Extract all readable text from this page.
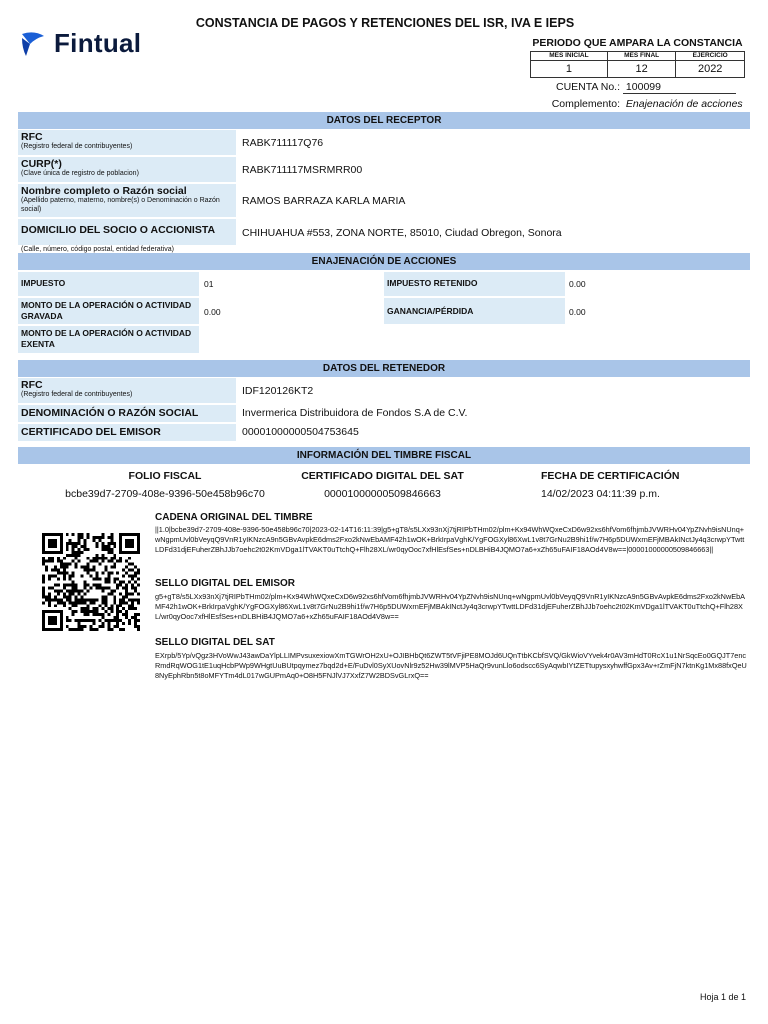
Fintual
CONSTANCIA DE PAGOS Y RETENCIONES DEL ISR, IVA E IEPS
PERIODO QUE AMPARA LA CONSTANCIA
MES INICIAL	MES FINAL	EJERCICIO
1	12	2022
CUENTA No.: 100099
Complemento: Enajenación de acciones
DATOS DEL RECEPTOR
RFC
(Registro federal de contribuyentes)	RABK711117Q76
CURP(*)
(Clave única de registro de poblacion)	RABK711117MSRMRR00
Nombre completo o Razón social
(Apellido paterno, materno, nombre(s) o Denominación o Razón social)
RAMOS BARRAZA KARLA MARIA
DOMICILIO DEL SOCIO O ACCIONISTA (Calle, número, código postal, entidad federativa)
CHIHUAHUA #553, ZONA NORTE, 85010, Ciudad Obregon, Sonora
ENAJENACIÓN DE ACCIONES
IMPUESTO	01	IMPUESTO RETENIDO	0.00
MONTO DE LA OPERACIÓN O ACTIVIDAD GRAVADA	0.00	GANANCIA/PÉRDIDA	0.00
MONTO DE LA OPERACIÓN O ACTIVIDAD EXENTA
DATOS DEL RETENEDOR
RFC
(Registro federal de contribuyentes)	IDF120126KT2
DENOMINACIÓN O RAZÓN SOCIAL	Invermerica Distribuidora de Fondos S.A de C.V.
CERTIFICADO DEL EMISOR	00001000000504753645
INFORMACIÓN DEL TIMBRE FISCAL
FOLIO FISCAL
bcbe39d7-2709-408e-9396-50e458b96c70
CERTIFICADO DIGITAL DEL SAT
00001000000509846663
FECHA DE CERTIFICACIÓN
14/02/2023 04:11:39 p.m.
CADENA ORIGINAL DEL TIMBRE
||1.0|bcbe39d7-2709-408e-9396-50e458b96c70|2023-02-14T16:11:39|g5+gT8/s5LXx93nXj7tjRIPbTHm02/plm+Kx94WhWQxeCxD6w92xs6hfVom6fhjmbJVWRHv04YpZNvh9isNUnq+wNgpmUvl0bVeyqQ9VnR1yIKNzcA9n5GBvAvpkE6dms2Fxo2kNwEbAMF42h1wOK+BrkIrpaVghK/YgFOGXyl86XwL1v8t7GrNu2B9hi1f/w7H6p5DUWxrnEFjMBAkINctJy4q3crwpYTwttLDFd31djEFuherZBhJJb7oehc2t02KmVDga1lTVAKT0uTtchQ+Flh28XL/wr0qyOoc7xfHlEsfSes+nDLBHiB4JQMO7a6+xZh65uFAIF18AOd4V8w==|00001000000509846663||
SELLO DIGITAL DEL EMISOR
g5+gT8/s5LXx93nXj7tjRIPbTHm02/plm+Kx94WhWQxeCxD6w92xs6hfVom6fhjmbJVWRHv04YpZNvh9isNUnq+wNgpmUvl0bVeyqQ9VnR1yIKNzcA9n5GBvAvpkE6dms2Fxo2kNwEbAMF42h1wOK+BrkIrpaVghK/YgFOGXyl86XwL1v8t7GrNu2B9hi1f/w7H6p5DUWxrnEFjMBAkINctJy4q3crwpYTwttLDFd31djEFuherZBhJJb7oehc2t02KmVDga1lTVAKT0uTtchQ+Flh28XL/wr0qyOoc7xfHlEsfSes+nDLBHiB4JQMO7a6+xZh65uFAIF18AOd4V8w==
SELLO DIGITAL DEL SAT
EXrpb/5Yp/vQgz3HVoWwJ43awDaYlpLLIMPvsuxexiowXmTGWrOH2xU+OJIBHbQt6ZWT5tVFjiPE8MOJd6UQnTtbKCbfSVQ/GkWioVYvek4r0AV3mHdT0RcX1u1NrSqcEo0GQJT7encRmdRqWOG1tE1uqHcbPWp9WHgtUuBUtpqymez7bqd2d+E/FuDvl0SyXUovNlr9z52Hw39lMVP5HaQr9vunLlo6odscc6SyAqwbIYtZETtupysxyhwffGpx3Av+rZmFjN7ktnKg1Mx88fxQeU8NyEphRbn5t8oMFYTm4dL017wGUPmAq0+O8H5FNJlVJ7XxfZ7W2BDSvGLrxQ==
Hoja 1 de 1
